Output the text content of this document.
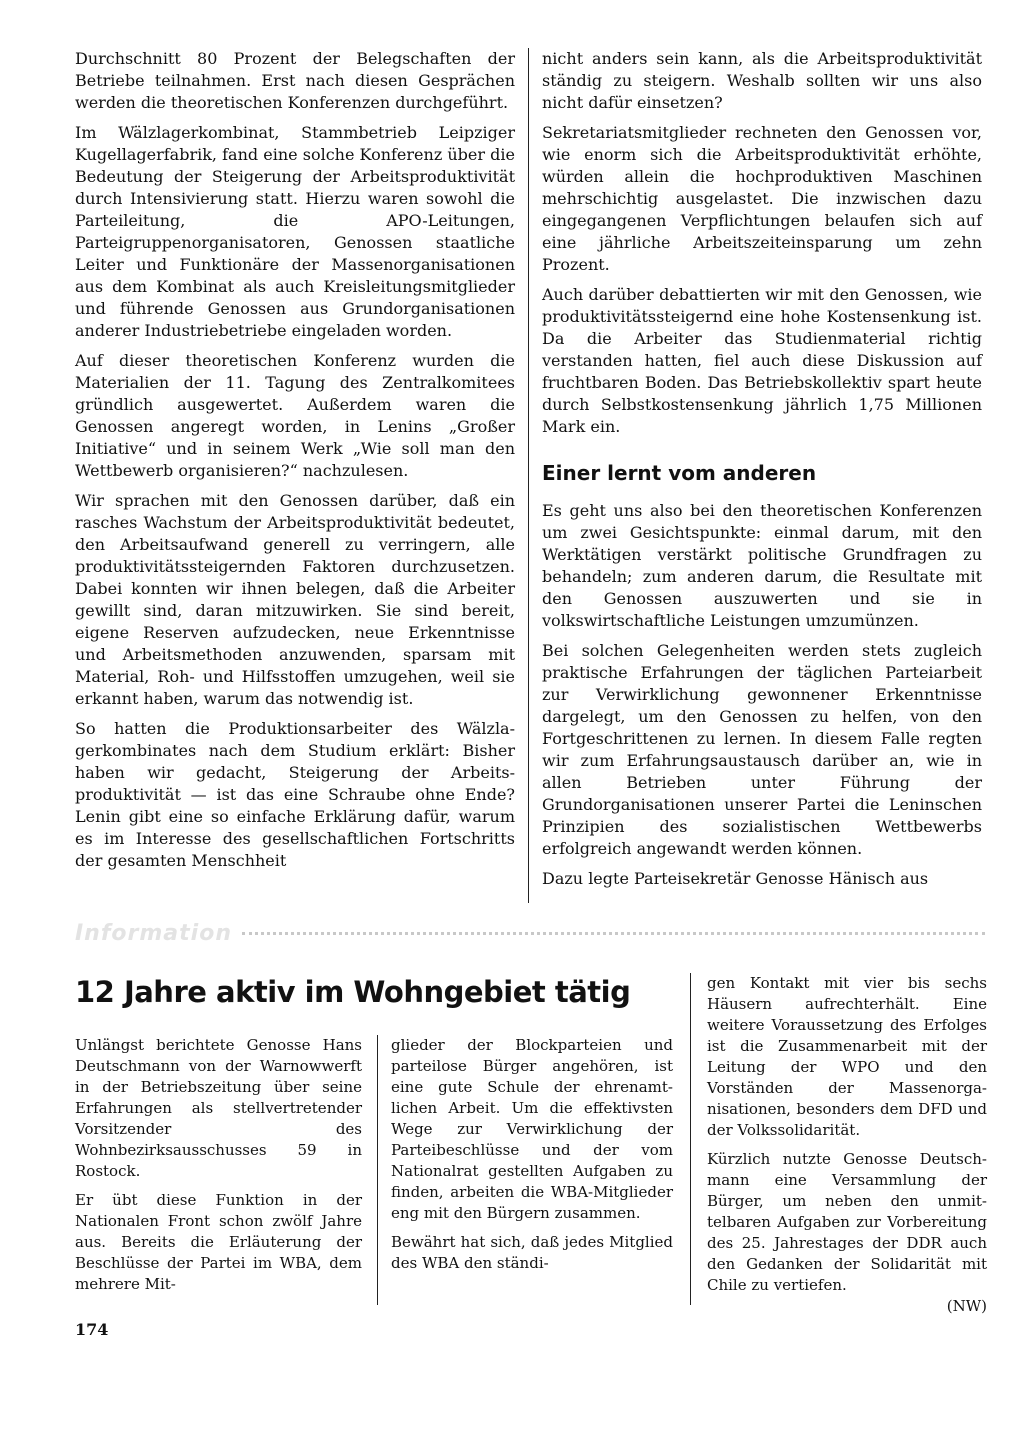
Durchschnitt 80 Prozent der Belegschaften der Betriebe teilnahmen. Erst nach diesen Gesprächen werden die theoretischen Konferenzen durchgeführt.

Im Wälzlagerkombinat, Stammbetrieb Leipziger Kugellagerfabrik, fand eine solche Konferenz über die Bedeutung der Steigerung der Arbeitsproduktivität durch Intensivierung statt. Hierzu waren sowohl die Parteileitung, die APO-Leitungen, Parteigruppenorganisatoren, Genossen staatliche Leiter und Funktionäre der Massenorganisationen aus dem Kombinat als auch Kreisleitungsmitglieder und führende Genossen aus Grundorganisationen anderer Industriebetriebe eingeladen worden.

Auf dieser theoretischen Konferenz wurden die Materialien der 11. Tagung des Zentralkomitees gründlich ausgewertet. Außerdem waren die Genossen angeregt worden, in Lenins „Großer Initiative“ und in seinem Werk „Wie soll man den Wettbewerb organisieren?“ nachzulesen.

Wir sprachen mit den Genossen darüber, daß ein rasches Wachstum der Arbeitsproduktivität bedeutet, den Arbeitsaufwand generell zu verringern, alle produktivitätssteigernden Faktoren durchzusetzen. Dabei konnten wir ihnen belegen, daß die Arbeiter gewillt sind, daran mitzuwirken. Sie sind bereit, eigene Reserven aufzudecken, neue Erkenntnisse und Arbeitsmethoden anzuwenden, sparsam mit Material, Roh- und Hilfsstoffen umzugehen, weil sie erkannt haben, warum das notwendig ist.

So hatten die Produktionsarbeiter des Wälzlagerkombinates nach dem Studium erklärt: Bisher haben wir gedacht, Steigerung der Arbeitsproduktivität — ist das eine Schraube ohne Ende? Lenin gibt eine so einfache Erklärung dafür, warum es im Interesse des gesellschaftlichen Fortschritts der gesamten Menschheit

nicht anders sein kann, als die Arbeitsproduktivität ständig zu steigern. Weshalb sollten wir uns also nicht dafür einsetzen?

Sekretariatsmitglieder rechneten den Genossen vor, wie enorm sich die Arbeitsproduktivität erhöhte, würden allein die hochproduktiven Maschinen mehrschichtig ausgelastet. Die inzwischen dazu eingegangenen Verpflichtungen belaufen sich auf eine jährliche Arbeitszeiteinsparung um zehn Prozent.

Auch darüber debattierten wir mit den Genossen, wie produktivitätssteigernd eine hohe Kostensenkung ist. Da die Arbeiter das Studienmaterial richtig verstanden hatten, fiel auch diese Diskussion auf fruchtbaren Boden. Das Betriebskollektiv spart heute durch Selbstkostensenkung jährlich 1,75 Millionen Mark ein.

Einer lernt vom anderen

Es geht uns also bei den theoretischen Konferenzen um zwei Gesichtspunkte: einmal darum, mit den Werktätigen verstärkt politische Grundfragen zu behandeln; zum anderen darum, die Resultate mit den Genossen auszuwerten und sie in volkswirtschaftliche Leistungen umzumünzen.

Bei solchen Gelegenheiten werden stets zugleich praktische Erfahrungen der täglichen Parteiarbeit zur Verwirklichung gewonnener Erkenntnisse dargelegt, um den Genossen zu helfen, von den Fortgeschrittenen zu lernen. In diesem Falle regten wir zum Erfahrungsaustausch darüber an, wie in allen Betrieben unter Führung der Grundorganisationen unserer Partei die Leninschen Prinzipien des sozialistischen Wettbewerbs erfolgreich angewandt werden können.

Dazu legte Parteisekretär Genosse Hänisch aus

Information
12 Jahre aktiv im Wohngebiet tätig

Unlängst berichtete Genosse Hans Deutschmann von der Warnowwerft in der Betriebszeitung über seine Erfahrungen als stellvertretender Vorsitzender des Wohnbezirksausschusses 59 in Rostock.

Er übt diese Funktion in der Nationalen Front schon zwölf Jahre aus. Bereits die Erläuterung der Beschlüsse der Partei im WBA, dem mehrere Mit-

glieder der Blockparteien und parteilose Bürger angehören, ist eine gute Schule der ehrenamtlichen Arbeit. Um die effektivsten Wege zur Verwirklichung der Parteibeschlüsse und der vom Nationalrat gestellten Aufgaben zu finden, arbeiten die WBA-Mitglieder eng mit den Bürgern zusammen.

Bewährt hat sich, daß jedes Mitglied des WBA den ständi-

gen Kontakt mit vier bis sechs Häusern aufrechterhält. Eine weitere Voraussetzung des Erfolges ist die Zusammenarbeit mit der Leitung der WPO und den Vorständen der Massenorganisationen, besonders dem DFD und der Volkssolidarität.

Kürzlich nutzte Genosse Deutschmann eine Versammlung der Bürger, um neben den unmittelbaren Aufgaben zur Vorbereitung des 25. Jahrestages der DDR auch den Gedanken der Solidarität mit Chile zu vertiefen.

(NW)
174
